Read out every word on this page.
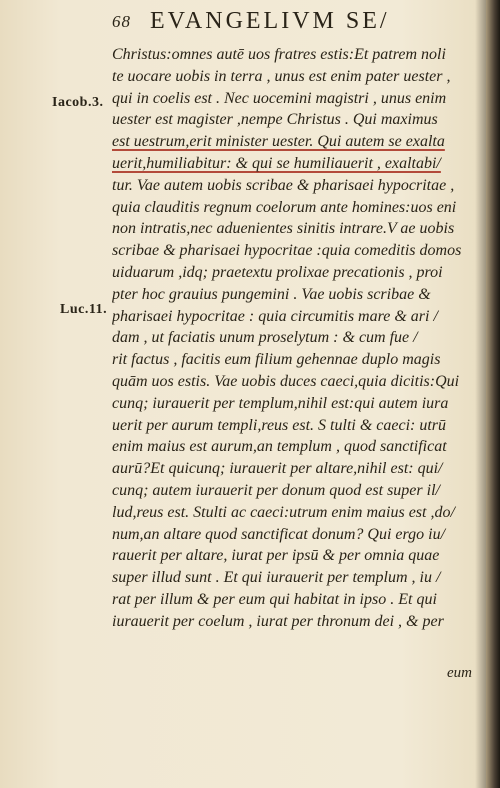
68 EVANGELIVM SE/
Iacob.3.
Luc.11.
Christus:omnes autē uos fratres estis:Et patrem noli
te uocare uobis in terra , unus est enim pater uester ,
qui in coelis est . Nec uocemini magistri , unus enim
uester est magister ,nempe Christus . Qui maximus
est uestrum,erit minister uester. Qui autem se exalta
uerit,humiliabitur: & qui se humiliauerit , exaltabi/
tur. Vae autem uobis scribae & pharisaei hypocritae ,
quia clauditis regnum coelorum ante homines:uos eni
non intratis,nec aduenientes sinitis intrare.V ae uobis
scribae & pharisaei hypocritae :quia comeditis domos
uiduarum ,idq; praetextu prolixae precationis , proi
pter hoc grauius pungemini . Vae uobis scribae &
pharisaei hypocritae : quia circumitis mare & ari /
dam , ut faciatis unum proselytum : & cum fue /
rit factus , facitis eum filium gehennae duplo magis
quām uos estis. Vae uobis duces caeci,quia dicitis:Qui
cunq; iurauerit per templum,nihil est:qui autem iura
uerit per aurum templi,reus est. S tulti & caeci: utrū
enim maius est aurum,an templum , quod sanctificat
aurū?Et quicunq; iurauerit per altare,nihil est: qui/
cunq; autem iurauerit per donum quod est super il/
lud,reus est. Stulti ac caeci:utrum enim maius est ,do/
num,an altare quod sanctificat donum? Qui ergo iu/
rauerit per altare, iurat per ipsū & per omnia quae
super illud sunt . Et qui iurauerit per templum , iu /
rat per illum & per eum qui habitat in ipso . Et qui
iurauerit per coelum , iurat per thronum dei , & per
eum
